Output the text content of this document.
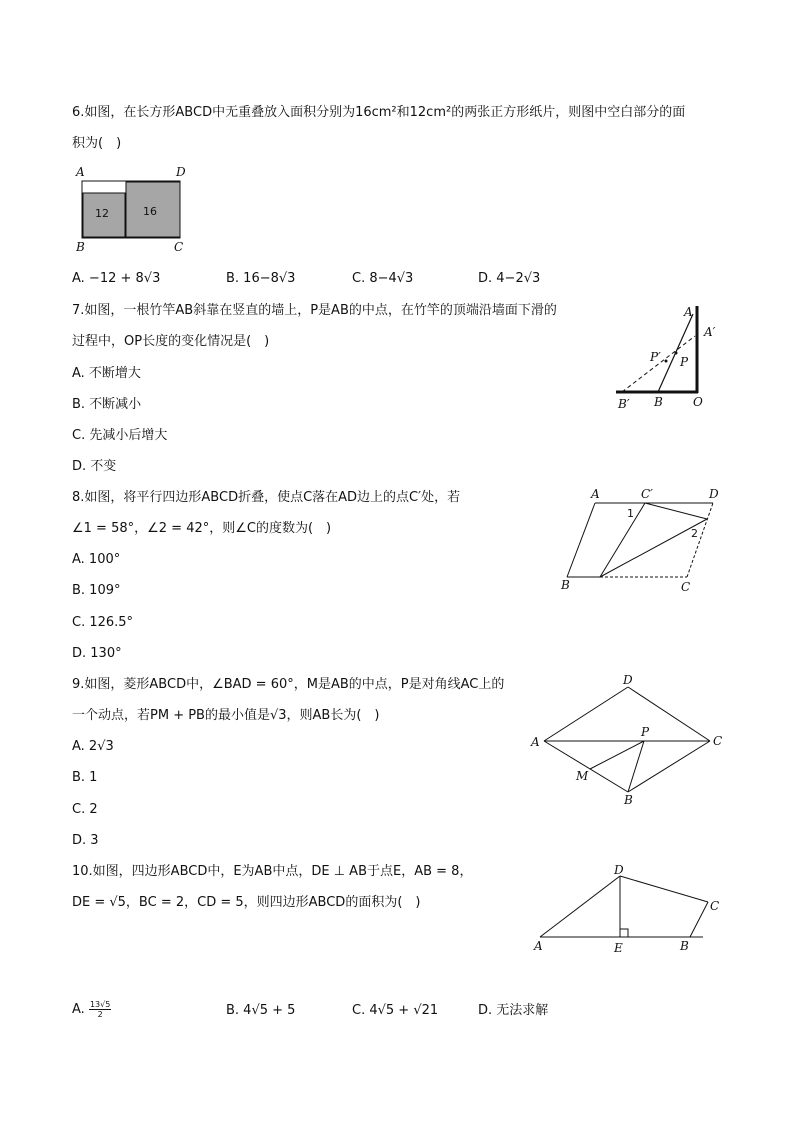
6.如图，在长方形ABCD中无重叠放入面积分别为16cm²和12cm²的两张正方形纸片，则图中空白部分的面
积为(　)
A	D
B	C
12	16
A. −12 + 8√3	B. 16−8√3	C. 8−4√3	D. 4−2√3
7.如图，一根竹竿AB斜靠在竖直的墙上，P是AB的中点，在竹竿的顶端沿墙面下滑的
过程中，OP长度的变化情况是(　)
A. 不断增大
B. 不断减小
C. 先减小后增大
D. 不变
A
A′
P′ P
B′ B	O
8.如图，将平行四边形ABCD折叠，使点C落在AD边上的点C′处，若
∠1 = 58°，∠2 = 42°，则∠C的度数为(　)
A. 100°
B. 109°
C. 126.5°
D. 130°
A	C′	D
1
2
B	C
9.如图，菱形ABCD中，∠BAD = 60°，M是AB的中点，P是对角线AC上的
一个动点，若PM + PB的最小值是√3，则AB长为(　)
A. 2√3
B. 1
C. 2
D. 3
D
A
P
C
M
B
10.如图，四边形ABCD中，E为AB中点，DE ⊥ AB于点E，AB = 8，
DE = √5，BC = 2，CD = 5，则四边形ABCD的面积为(　)
D
C
A	E	B
A. $\frac{13√5}{2}$	B. 4√5 + 5	C. 4√5 + √21	D. 无法求解
